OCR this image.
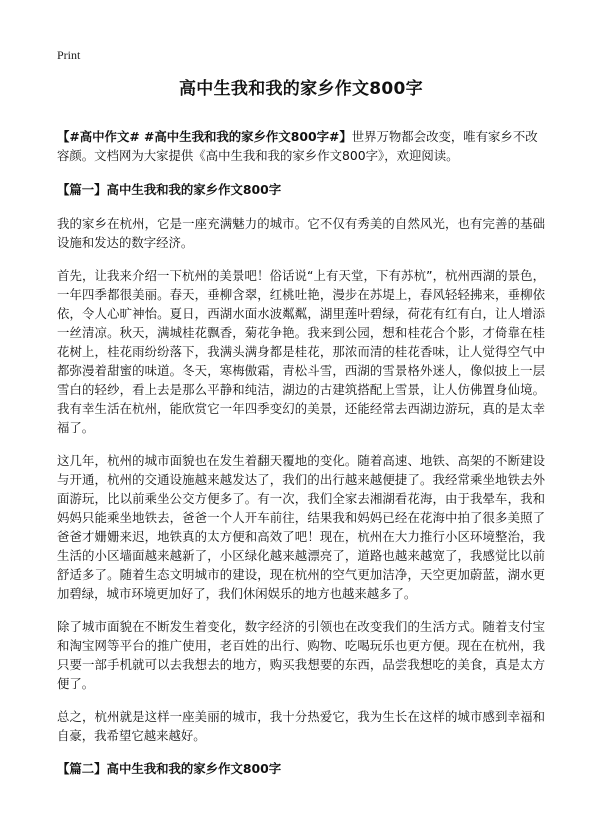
Print
高中生我和我的家乡作文800字

【#高中作文# #高中生我和我的家乡作文800字#】世界万物都会改变，唯有家乡不改容颜。文档网为大家提供《高中生我和我的家乡作文800字》，欢迎阅读。

【篇一】高中生我和我的家乡作文800字

我的家乡在杭州，它是一座充满魅力的城市。它不仅有秀美的自然风光，也有完善的基础设施和发达的数字经济。

首先，让我来介绍一下杭州的美景吧！俗话说“上有天堂，下有苏杭”，杭州西湖的景色，一年四季都很美丽。春天，垂柳含翠，红桃吐艳，漫步在苏堤上，春风轻轻拂来，垂柳依依，令人心旷神怡。夏日，西湖水面水波粼粼，湖里莲叶碧绿，荷花有红有白，让人增添一丝清凉。秋天，满城桂花飘香，菊花争艳。我来到公园，想和桂花合个影，才倚靠在桂花树上，桂花雨纷纷落下，我满头满身都是桂花，那浓而清的桂花香味，让人觉得空气中都弥漫着甜蜜的味道。冬天，寒梅傲霜，青松斗雪，西湖的雪景格外迷人，像似披上一层雪白的轻纱，看上去是那么平静和纯洁，湖边的古建筑搭配上雪景，让人仿佛置身仙境。我有幸生活在杭州，能欣赏它一年四季变幻的美景，还能经常去西湖边游玩，真的是太幸福了。

这几年，杭州的城市面貌也在发生着翻天覆地的变化。随着高速、地铁、高架的不断建设与开通，杭州的交通设施越来越发达了，我们的出行越来越便捷了。我经常乘坐地铁去外面游玩，比以前乘坐公交方便多了。有一次，我们全家去湘湖看花海，由于我晕车，我和妈妈只能乘坐地铁去，爸爸一个人开车前往，结果我和妈妈已经在花海中拍了很多美照了爸爸才姗姗来迟，地铁真的太方便和高效了吧！现在，杭州在大力推行小区环境整治，我生活的小区墙面越来越新了，小区绿化越来越漂亮了，道路也越来越宽了，我感觉比以前舒适多了。随着生态文明城市的建设，现在杭州的空气更加洁净，天空更加蔚蓝，湖水更加碧绿，城市环境更加好了，我们休闲娱乐的地方也越来越多了。

除了城市面貌在不断发生着变化，数字经济的引领也在改变我们的生活方式。随着支付宝和淘宝网等平台的推广使用，老百姓的出行、购物、吃喝玩乐也更方便。现在在杭州，我只要一部手机就可以去我想去的地方，购买我想要的东西，品尝我想吃的美食，真是太方便了。

总之，杭州就是这样一座美丽的城市，我十分热爱它，我为生长在这样的城市感到幸福和自豪，我希望它越来越好。

【篇二】高中生我和我的家乡作文800字
